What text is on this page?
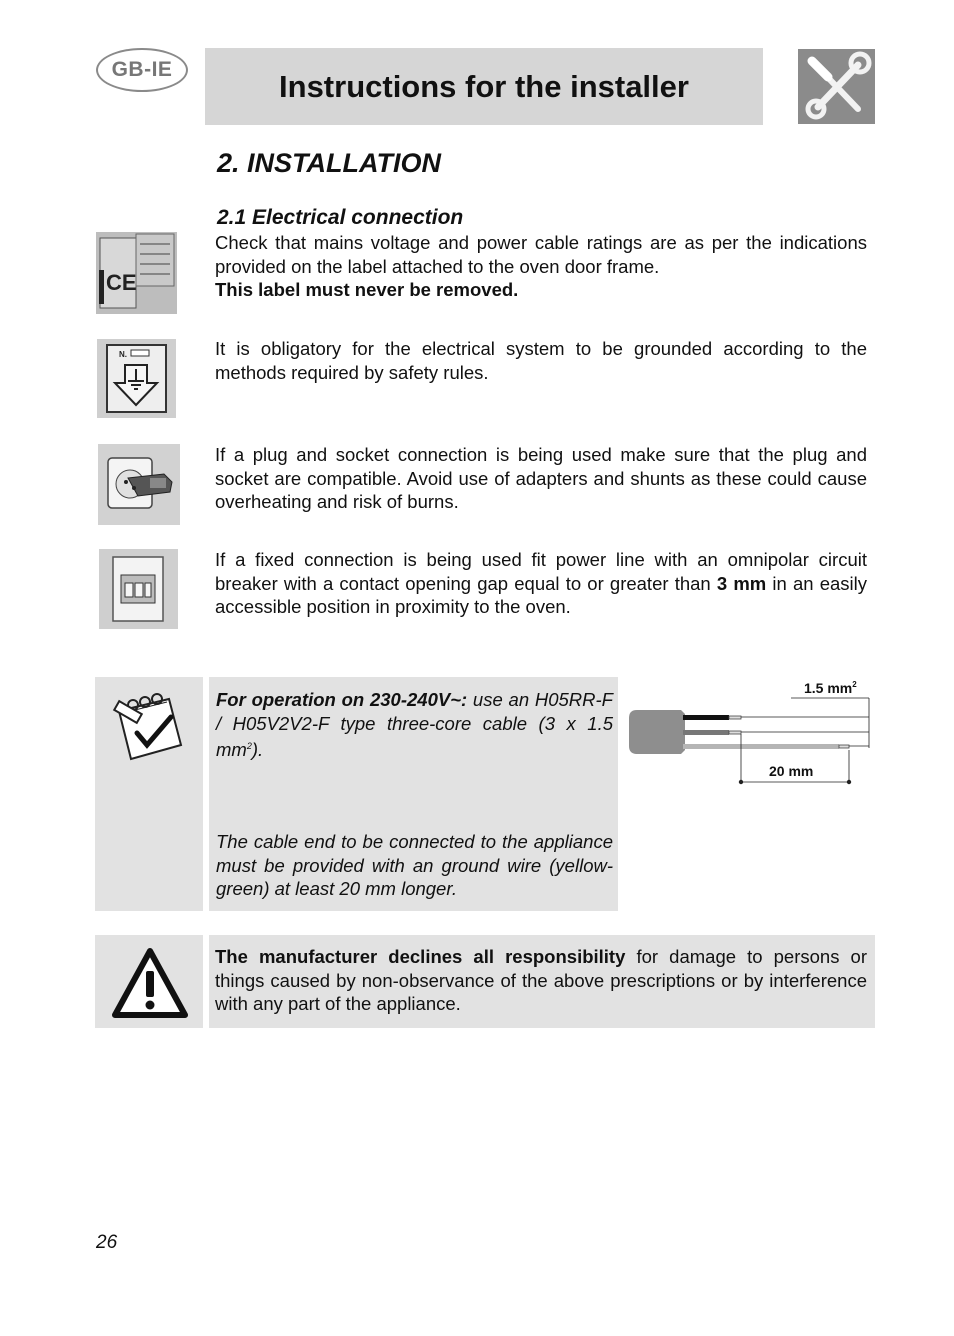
GB-IE	Instructions for the installer
2. INSTALLATION
2.1 Electrical connection
CE

Check that mains voltage and power cable ratings are as per the indications provided on the label attached to the oven door frame.
This label must never be removed.

N.	It is obligatory for the electrical system to be grounded according to the methods required by safety rules.

If a plug and socket connection is being used make sure that the plug and socket are compatible. Avoid use of adapters and shunts as these could cause overheating and risk of burns.

If a fixed connection is being used fit power line with an omnipolar circuit breaker with a contact opening gap equal to or greater than 3 mm in an easily accessible position in proximity to the oven.

For operation on 230-240V~: use an H05RR-F / H05V2V2-F type three-core cable (3 x 1.5 $mm^2$).

The cable end to be connected to the appliance must be provided with an ground wire (yellow-green) at least 20 mm longer.

1.5 $mm^2$
20 mm

The manufacturer declines all responsibility for damage to persons or things caused by non-observance of the above prescriptions or by interference with any part of the appliance.

26
